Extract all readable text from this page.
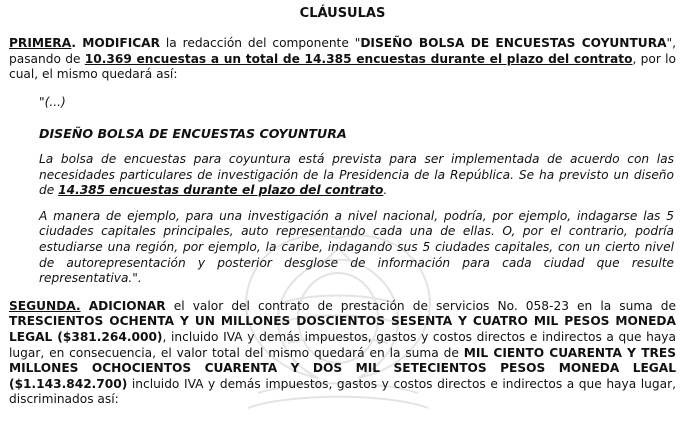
CLÁUSULAS

PRIMERA. MODIFICAR la redacción del componente "DISEÑO BOLSA DE ENCUESTAS COYUNTURA", pasando de 10.369 encuestas a un total de 14.385 encuestas durante el plazo del contrato, por lo cual, el mismo quedará así:

"(...)

DISEÑO BOLSA DE ENCUESTAS COYUNTURA

La bolsa de encuestas para coyuntura está prevista para ser implementada de acuerdo con las necesidades particulares de investigación de la Presidencia de la República. Se ha previsto un diseño de 14.385 encuestas durante el plazo del contrato.

A manera de ejemplo, para una investigación a nivel nacional, podría, por ejemplo, indagarse las 5 ciudades capitales principales, auto representando cada una de ellas. O, por el contrario, podría estudiarse una región, por ejemplo, la caribe, indagando sus 5 ciudades capitales, con un cierto nivel de autorepresentación y posterior desglose de información para cada ciudad que resulte representativa.".

SEGUNDA. ADICIONAR el valor del contrato de prestación de servicios No. 058-23 en la suma de TRESCIENTOS OCHENTA Y UN MILLONES DOSCIENTOS SESENTA Y CUATRO MIL PESOS MONEDA LEGAL ($381.264.000), incluido IVA y demás impuestos, gastos y costos directos e indirectos a que haya lugar, en consecuencia, el valor total del mismo quedará en la suma de MIL CIENTO CUARENTA Y TRES MILLONES OCHOCIENTOS CUARENTA Y DOS MIL SETECIENTOS PESOS MONEDA LEGAL ($1.143.842.700) incluido IVA y demás impuestos, gastos y costos directos e indirectos a que haya lugar, discriminados así:
